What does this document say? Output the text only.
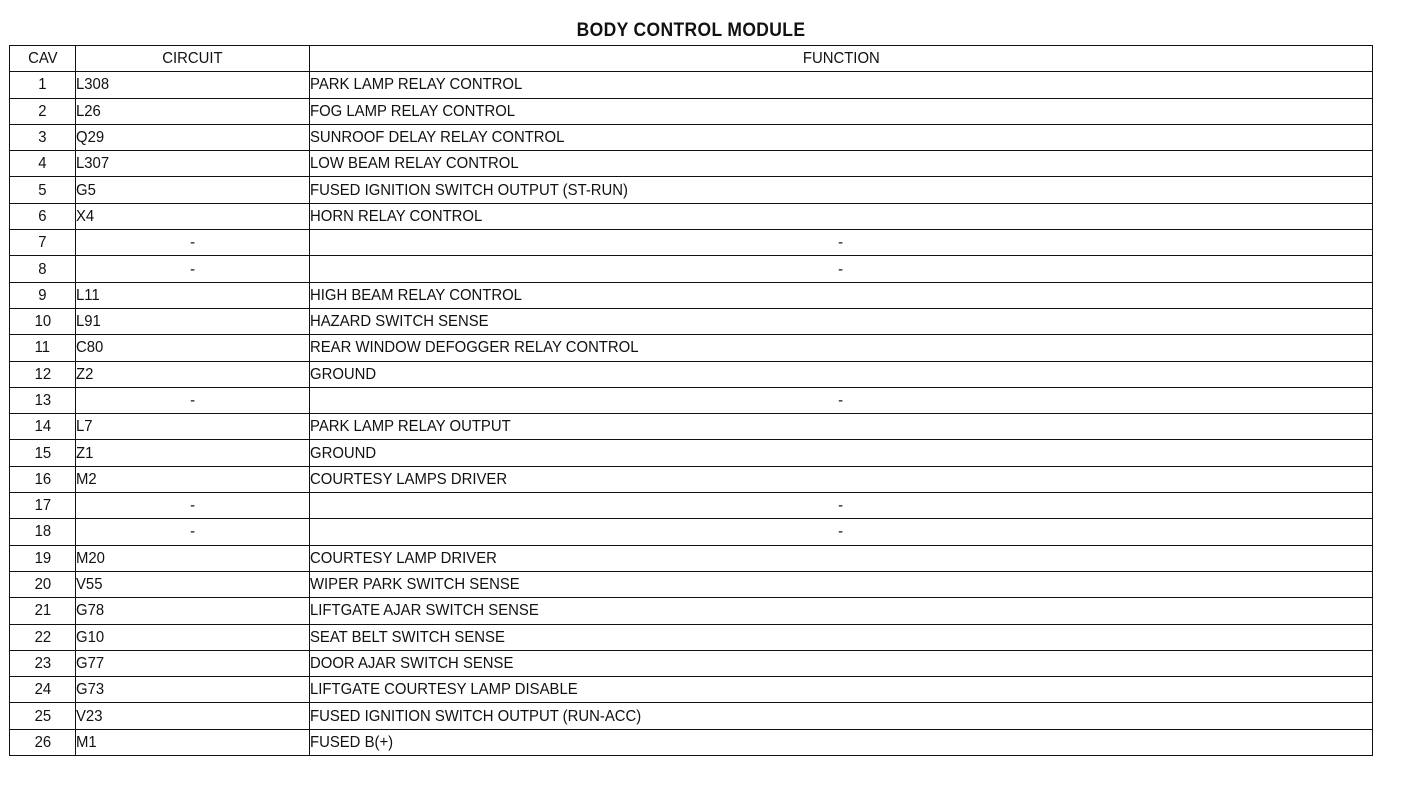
BODY CONTROL MODULE
CAV	CIRCUIT	FUNCTION
1	L308	PARK LAMP RELAY CONTROL
2	L26	FOG LAMP RELAY CONTROL
3	Q29	SUNROOF DELAY RELAY CONTROL
4	L307	LOW BEAM RELAY CONTROL
5	G5	FUSED IGNITION SWITCH OUTPUT (ST-RUN)
6	X4	HORN RELAY CONTROL
7	-	-
8	-	-
9	L11	HIGH BEAM RELAY CONTROL
10	L91	HAZARD SWITCH SENSE
11	C80	REAR WINDOW DEFOGGER RELAY CONTROL
12	Z2	GROUND
13	-	-
14	L7	PARK LAMP RELAY OUTPUT
15	Z1	GROUND
16	M2	COURTESY LAMPS DRIVER
17	-	-
18	-	-
19	M20	COURTESY LAMP DRIVER
20	V55	WIPER PARK SWITCH SENSE
21	G78	LIFTGATE AJAR SWITCH SENSE
22	G10	SEAT BELT SWITCH SENSE
23	G77	DOOR AJAR SWITCH SENSE
24	G73	LIFTGATE COURTESY LAMP DISABLE
25	V23	FUSED IGNITION SWITCH OUTPUT (RUN-ACC)
26	M1	FUSED B(+)
